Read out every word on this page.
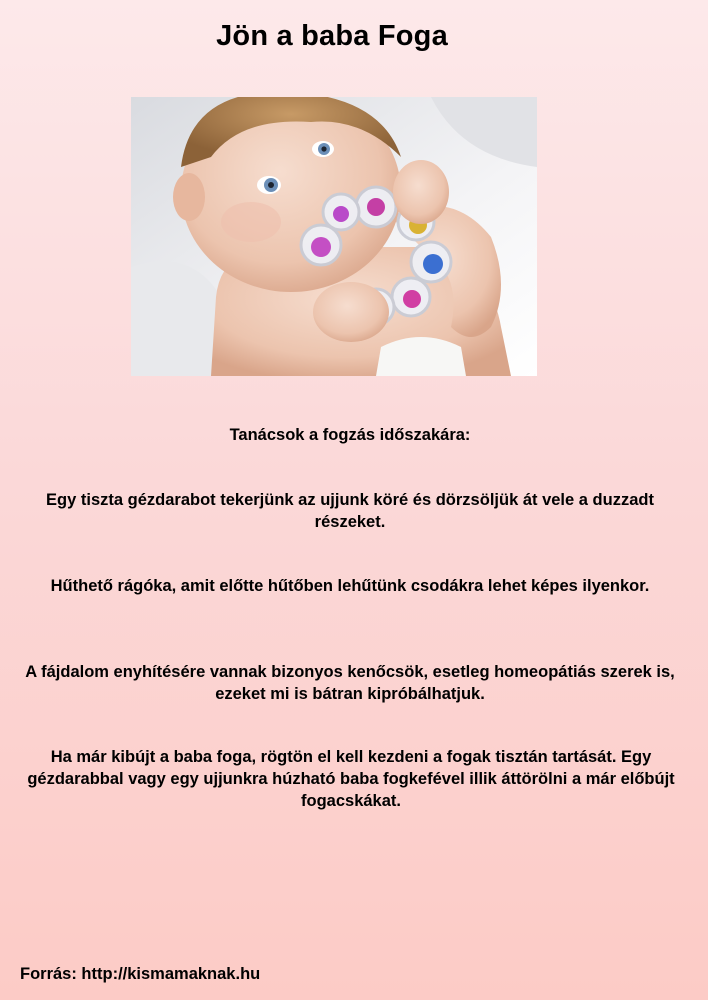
Jön a baba Foga
Tanácsok a fogzás időszakára:
Egy tiszta gézdarabot tekerjünk az ujjunk köré és dörzsöljük át vele a duzzadt részeket.
Hűthető rágóka, amit előtte hűtőben lehűtünk csodákra lehet képes ilyenkor.
A fájdalom enyhítésére vannak bizonyos kenőcsök, esetleg homeopátiás szerek is, ezeket mi is bátran kipróbálhatjuk.
Ha már kibújt a baba foga, rögtön el kell kezdeni a fogak tisztán tartását. Egy gézdarabbal vagy egy ujjunkra húzható baba fogkefével illik áttörölni a már előbújt fogacskákat.
Forrás: http://kismamaknak.hu
